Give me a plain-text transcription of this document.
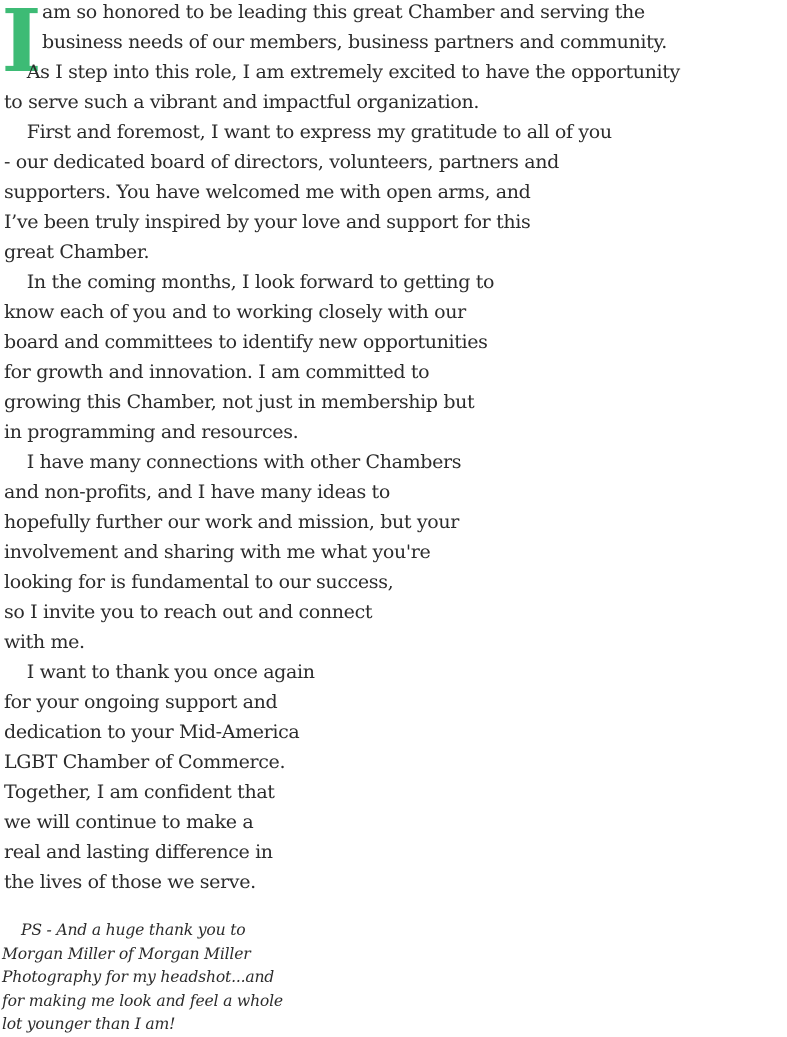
I am so honored to be leading this great Chamber and serving the
business needs of our members, business partners and community.
As I step into this role, I am extremely excited to have the opportunity
to serve such a vibrant and impactful organization.
First and foremost, I want to express my gratitude to all of you
- our dedicated board of directors, volunteers, partners and
supporters. You have welcomed me with open arms, and
I’ve been truly inspired by your love and support for this
great Chamber.
In the coming months, I look forward to getting to
know each of you and to working closely with our
board and committees to identify new opportunities
for growth and innovation. I am committed to
growing this Chamber, not just in membership but
in programming and resources.
I have many connections with other Chambers
and non-profits, and I have many ideas to
hopefully further our work and mission, but your
involvement and sharing with me what you're
looking for is fundamental to our success,
so I invite you to reach out and connect
with me.
I want to thank you once again
for your ongoing support and
dedication to your Mid-America
LGBT Chamber of Commerce.
Together, I am confident that
we will continue to make a
real and lasting difference in
the lives of those we serve.
PS - And a huge thank you to
Morgan Miller of Morgan Miller
Photography for my headshot...and
for making me look and feel a whole
lot younger than I am!
